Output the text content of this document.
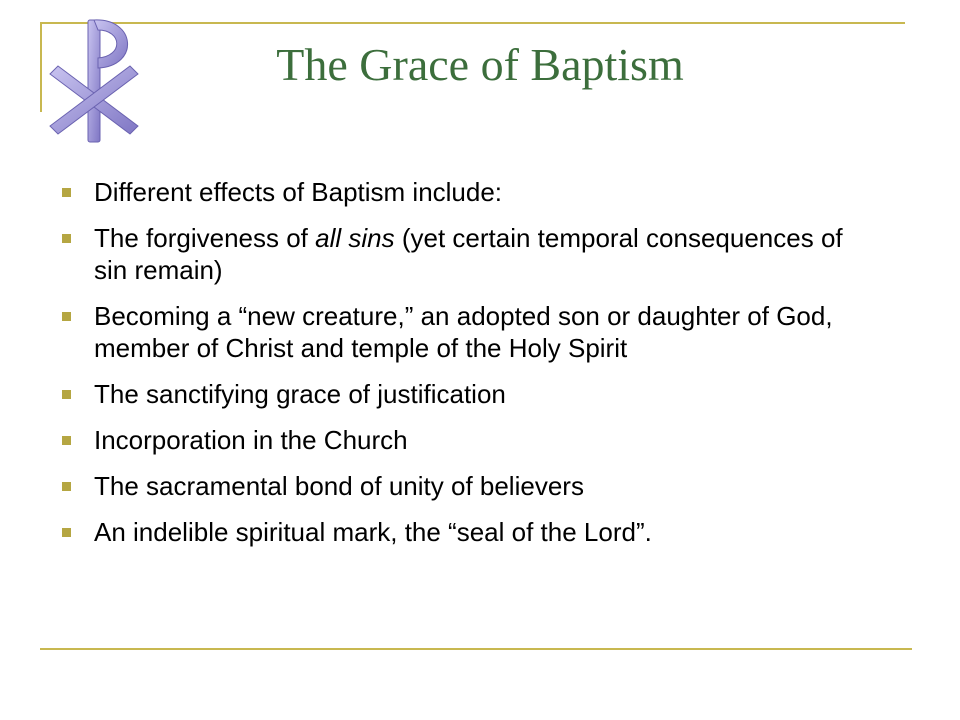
The Grace of Baptism
Different effects of Baptism include:
The forgiveness of all sins (yet certain temporal consequences of sin remain)
Becoming a “new creature,” an adopted son or daughter of God, member of Christ and temple of the Holy Spirit
The sanctifying grace of justification
Incorporation in the Church
The sacramental bond of unity of believers
An indelible spiritual mark, the “seal of the Lord”.
